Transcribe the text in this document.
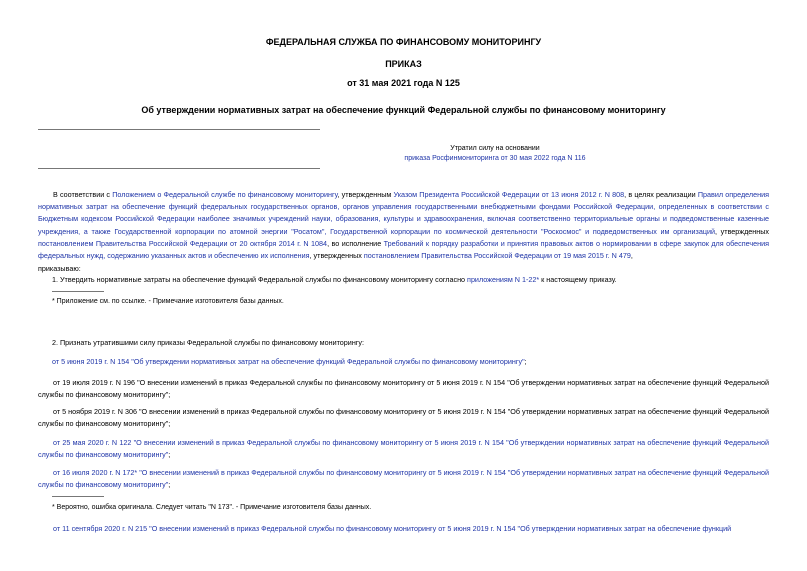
ФЕДЕРАЛЬНАЯ СЛУЖБА ПО ФИНАНСОВОМУ МОНИТОРИНГУ
ПРИКАЗ
от 31 мая 2021 года N 125
Об утверждении нормативных затрат на обеспечение функций Федеральной службы по финансовому мониторингу
Утратил силу на основании
приказа Росфинмониторинга от 30 мая 2022 года N 116
В соответствии с Положением о Федеральной службе по финансовому мониторингу, утвержденным Указом Президента Российской Федерации от 13 июня 2012 г. N 808, в целях реализации Правил определения нормативных затрат на обеспечение функций федеральных государственных органов, органов управления государственными внебюджетными фондами Российской Федерации, определенных в соответствии с Бюджетным кодексом Российской Федерации наиболее значимых учреждений науки, образования, культуры и здравоохранения, включая соответственно территориальные органы и подведомственные казенные учреждения, а также Государственной корпорации по атомной энергии "Росатом", Государственной корпорации по космической деятельности "Роскосмос" и подведомственных им организаций, утвержденных постановлением Правительства Российской Федерации от 20 октября 2014 г. N 1084, во исполнение Требований к порядку разработки и принятия правовых актов о нормировании в сфере закупок для обеспечения федеральных нужд, содержанию указанных актов и обеспечению их исполнения, утвержденных постановлением Правительства Российской Федерации от 19 мая 2015 г. N 479,
приказываю:
1. Утвердить нормативные затраты на обеспечение функций Федеральной службы по финансовому мониторингу согласно приложениям N 1-22* к настоящему приказу.
* Приложение см. по ссылке. - Примечание изготовителя базы данных.
2. Признать утратившими силу приказы Федеральной службы по финансовому мониторингу:
от 5 июня 2019 г. N 154 "Об утверждении нормативных затрат на обеспечение функций Федеральной службы по финансовому мониторингу";
от 19 июля 2019 г. N 196 "О внесении изменений в приказ Федеральной службы по финансовому мониторингу от 5 июня 2019 г. N 154 "Об утверждении нормативных затрат на обеспечение функций Федеральной службы по финансовому мониторингу";
от 5 ноября 2019 г. N 306 "О внесении изменений в приказ Федеральной службы по финансовому мониторингу от 5 июня 2019 г. N 154 "Об утверждении нормативных затрат на обеспечение функций Федеральной службы по финансовому мониторингу";
от 25 мая 2020 г. N 122 "О внесении изменений в приказ Федеральной службы по финансовому мониторингу от 5 июня 2019 г. N 154 "Об утверждении нормативных затрат на обеспечение функций Федеральной службы по финансовому мониторингу";
от 16 июля 2020 г. N 172* "О внесении изменений в приказ Федеральной службы по финансовому мониторингу от 5 июня 2019 г. N 154 "Об утверждении нормативных затрат на обеспечение функций Федеральной службы по финансовому мониторингу";
* Вероятно, ошибка оригинала. Следует читать "N 173". - Примечание изготовителя базы данных.
от 11 сентября 2020 г. N 215 "О внесении изменений в приказ Федеральной службы по финансовому мониторингу от 5 июня 2019 г. N 154 "Об утверждении нормативных затрат на обеспечение функций
